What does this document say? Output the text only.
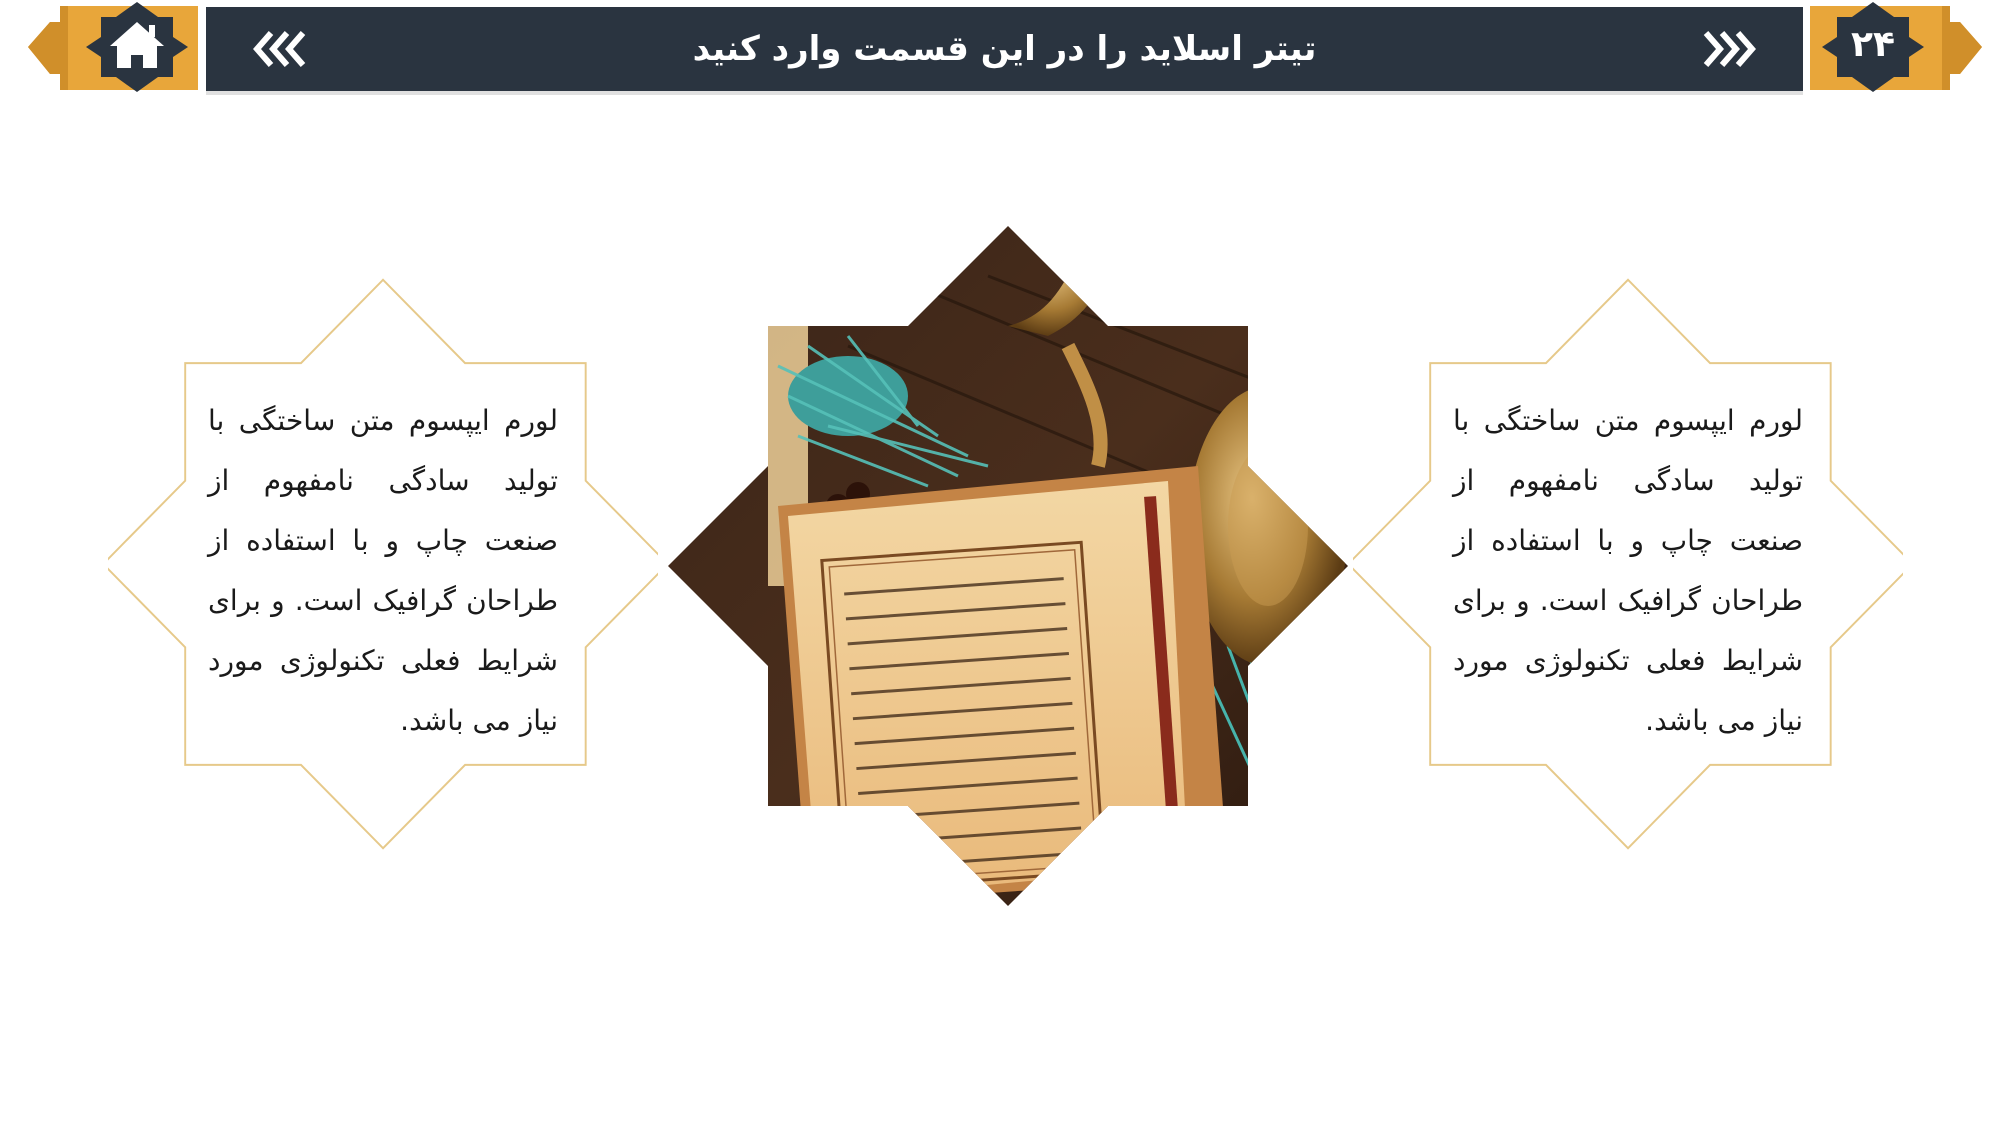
تیتر اسلاید را در این قسمت وارد کنید	۲۴
لورم ایپسوم متن ساختگی با تولید سادگی نامفهوم از صنعت چاپ و با استفاده از طراحان گرافیک است. و برای شرایط فعلی تکنولوژی مورد نیاز می باشد.
لورم ایپسوم متن ساختگی با تولید سادگی نامفهوم از صنعت چاپ و با استفاده از طراحان گرافیک است. و برای شرایط فعلی تکنولوژی مورد نیاز می باشد.
